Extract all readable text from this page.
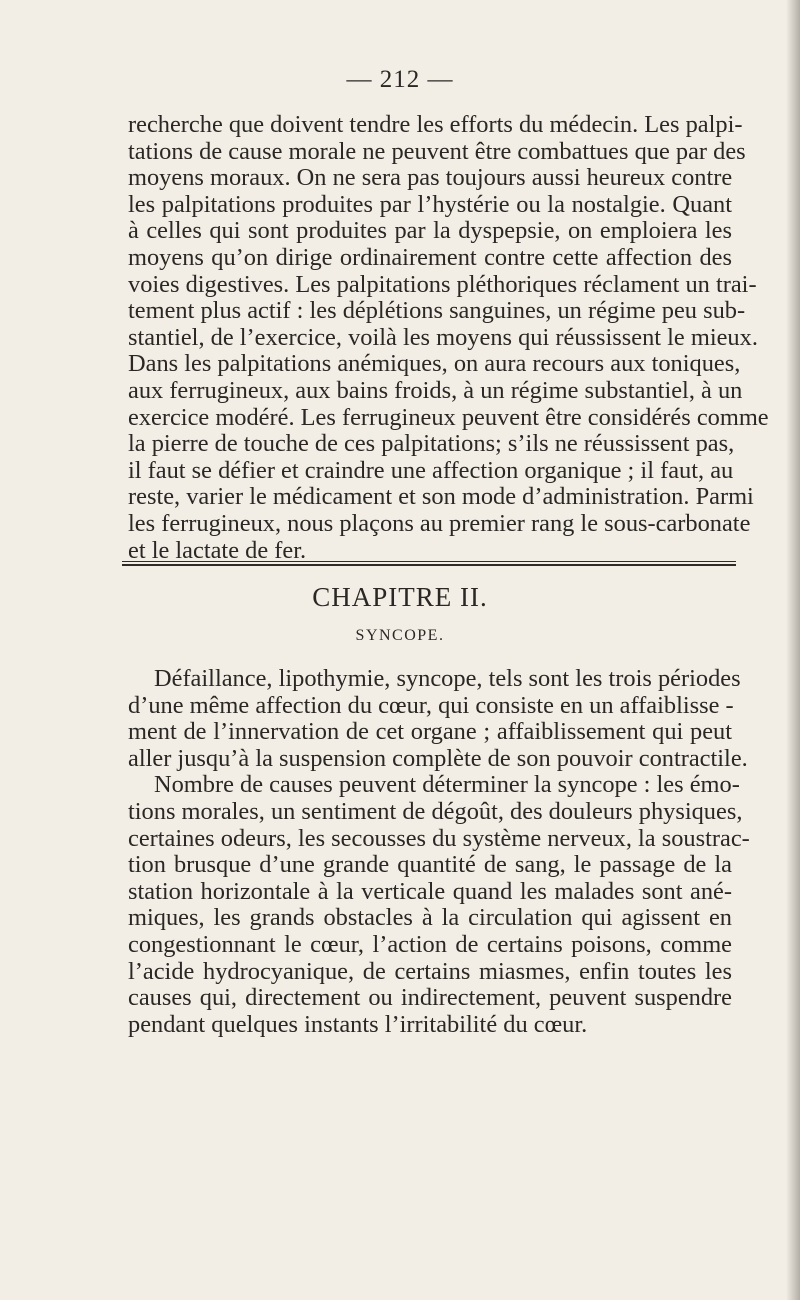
— 212 —
recherche que doivent tendre les efforts du médecin. Les palpi-
tations de cause morale ne peuvent être combattues que par des
moyens moraux. On ne sera pas toujours aussi heureux contre
les palpitations produites par l’hystérie ou la nostalgie. Quant
à celles qui sont produites par la dyspepsie, on emploiera les
moyens qu’on dirige ordinairement contre cette affection des
voies digestives. Les palpitations pléthoriques réclament un trai-
tement plus actif : les déplétions sanguines, un régime peu sub-
stantiel, de l’exercice, voilà les moyens qui réussissent le mieux.
Dans les palpitations anémiques, on aura recours aux toniques,
aux ferrugineux, aux bains froids, à un régime substantiel, à un
exercice modéré. Les ferrugineux peuvent être considérés comme
la pierre de touche de ces palpitations; s’ils ne réussissent pas,
il faut se défier et craindre une affection organique ; il faut, au
reste, varier le médicament et son mode d’administration. Parmi
les ferrugineux, nous plaçons au premier rang le sous-carbonate
et le lactate de fer.
CHAPITRE II.
SYNCOPE.
Défaillance, lipothymie, syncope, tels sont les trois périodes
d’une même affection du cœur, qui consiste en un affaiblisse -
ment de l’innervation de cet organe ; affaiblissement qui peut
aller jusqu’à la suspension complète de son pouvoir contractile.
Nombre de causes peuvent déterminer la syncope : les émo-
tions morales, un sentiment de dégoût, des douleurs physiques,
certaines odeurs, les secousses du système nerveux, la soustrac-
tion brusque d’une grande quantité de sang, le passage de la
station horizontale à la verticale quand les malades sont ané-
miques, les grands obstacles à la circulation qui agissent en
congestionnant le cœur, l’action de certains poisons, comme
l’acide hydrocyanique, de certains miasmes, enfin toutes les
causes qui, directement ou indirectement, peuvent suspendre
pendant quelques instants l’irritabilité du cœur.
